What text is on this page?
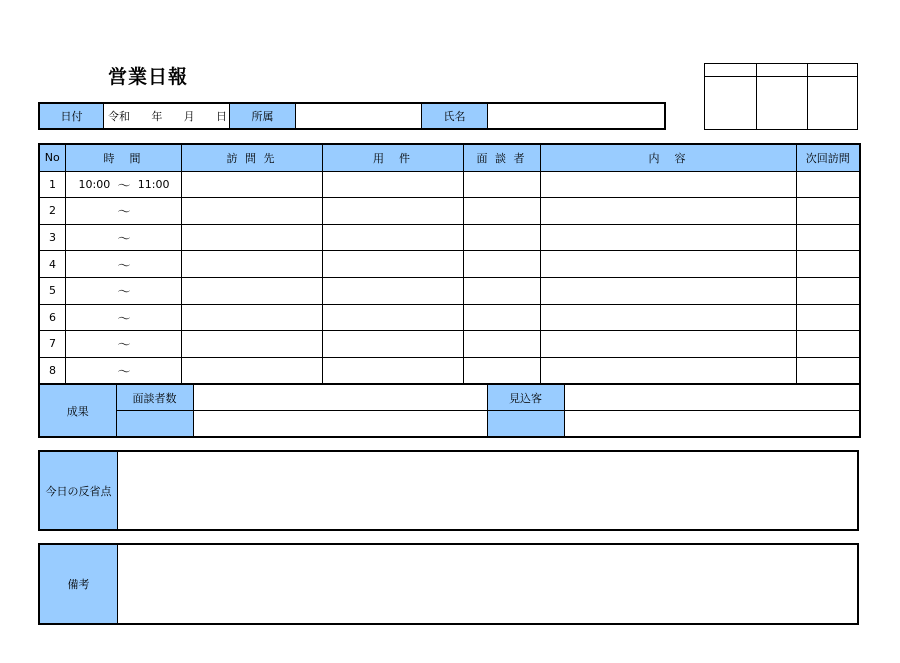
営業日報
日付	令和 年 月 日	所属	氏名
No	時　間	訪 問 先	用　件	面 談 者	内　容	次回訪問
1	10:00 ～ 11:00					

2	～					

3	～					

4	～					

5	～					

6	～					

7	～					

8	～					

成果	面談者数		見込客	

今日の反省点
備考
